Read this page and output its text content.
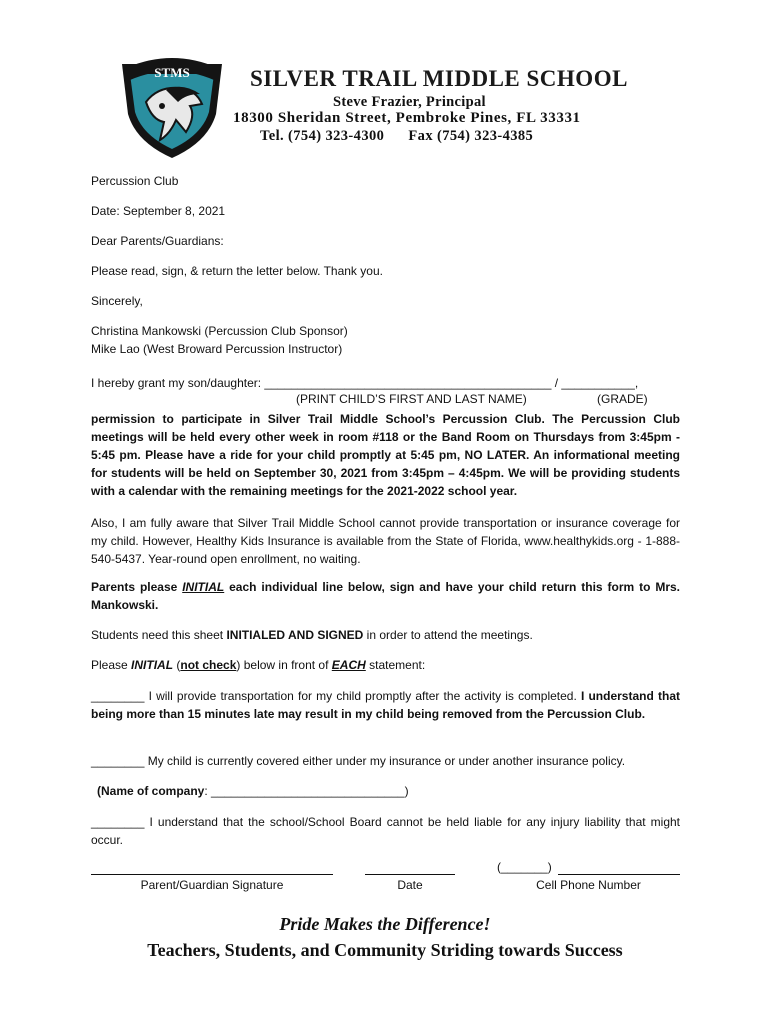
STMS	SILVER TRAIL MIDDLE SCHOOL
Steve Frazier, Principal
18300 Sheridan Street, Pembroke Pines, FL 33331
Tel. (754) 323-4300      Fax (754) 323-4385
Percussion Club
Date: September 8, 2021
Dear Parents/Guardians:
Please read, sign, & return the letter below. Thank you.
Sincerely,
Christina Mankowski (Percussion Club Sponsor)
Mike Lao (West Broward Percussion Instructor)
I hereby grant my son/daughter: ___________________________________________ / ___________,
(PRINT CHILD’S FIRST AND LAST NAME)	(GRADE)
permission to participate in Silver Trail Middle School’s Percussion Club. The Percussion Club meetings will be held every other week in room #118 or the Band Room on Thursdays from 3:45pm - 5:45 pm. Please have a ride for your child promptly at 5:45 pm, NO LATER. An informational meeting for students will be held on September 30, 2021 from 3:45pm – 4:45pm. We will be providing students with a calendar with the remaining meetings for the 2021-2022 school year.
Also, I am fully aware that Silver Trail Middle School cannot provide transportation or insurance coverage for my child. However, Healthy Kids Insurance is available from the State of Florida, www.healthykids.org - 1-888-540-5437. Year-round open enrollment, no waiting.
Parents please INITIAL each individual line below, sign and have your child return this form to Mrs. Mankowski.
Students need this sheet INITIALED AND SIGNED in order to attend the meetings.
Please INITIAL (not check) below in front of EACH statement:
________ I will provide transportation for my child promptly after the activity is completed. I understand that being more than 15 minutes late may result in my child being removed from the Percussion Club.
________ My child is currently covered either under my insurance or under another insurance policy.
(Name of company: _____________________________)
________ I understand that the school/School Board cannot be held liable for any injury liability that might occur.
(_______)
Parent/Guardian Signature	Date	Cell Phone Number
Pride Makes the Difference!
Teachers, Students, and Community Striding towards Success
